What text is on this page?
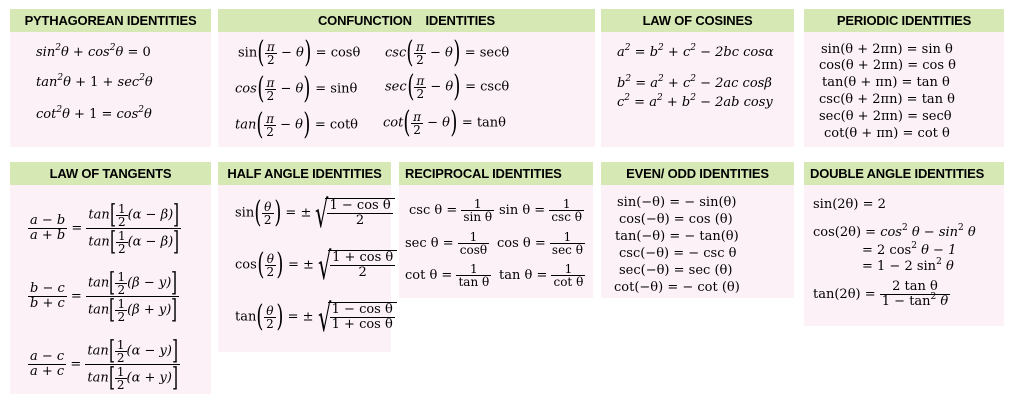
PYTHAGOREAN IDENTITIES
$\sin^2\theta + \cos^2\theta = 0$
$\tan^2\theta + 1 + \sec^2\theta$
$\cot^2\theta + 1 = \cos^2\theta$
CONFUNCTION    IDENTITIES
$\sin( \frac{\pi}{2} - \theta) = \cos\theta$
$\cos( \frac{\pi}{2} - \theta) = \sin\theta$
$\tan( \frac{\pi}{2} - \theta) = \cot\theta$
$\csc( \frac{\pi}{2} - \theta) = \sec\theta$
$\sec( \frac{\pi}{2} - \theta) = \csc\theta$
$\cot( \frac{\pi}{2} - \theta) = \tan\theta$
LAW OF COSINES
$a^2 = b^2 + c^2 - 2bc$ cosα
$b^2 = a^2 + c^2 - 2ac$ cosβ
$c^2 = a^2 + b^2 - 2ab$ cosy
PERIODIC IDENTITIES
sin(θ + 2πn) = sin θ
cos(θ + 2πn) = cos θ
tan(θ + πn) = tan θ
csc(θ + 2πn) = tan θ
sec(θ + 2πn) = secθ
cot(θ + πn) = cot θ
LAW OF TANGENTS
$\frac{a - b}{a + b} = \frac{\tan[ \frac{1}{2} (\alpha - \beta)]}{\tan[ \frac{1}{2} (\alpha - \beta)]}$
$\frac{b - c}{b + c} = \frac{\tan[ \frac{1}{2} (\beta - y)]}{\tan[ \frac{1}{2} (\beta + y)]}$
$\frac{a - c}{a + c} = \frac{\tan[ \frac{1}{2} (\alpha - y)]}{\tan[ \frac{1}{2} (\alpha + y)]}$
HALF ANGLE IDENTITIES
$\sin( \frac{\theta}{2}$ ) = ± √
$\frac{\text{1 − cos θ}}{2}$
$\cos( \frac{\theta}{2}$ ) = ± √
$\frac{\text{1 + cos θ}}{2}$
$\tan( \frac{\theta}{2}$ ) = ± √
$\frac{\text{1 − cos θ}}{\text{1 + cos θ}}$
RECIPROCAL IDENTITIES
$\csc \theta = \frac{1}{\text{sin θ}}$ $\sin \theta = \frac{1}{\text{csc θ}}$
$\sec \theta = \frac{1}{\cos\theta}$ $\cos \theta = \frac{1}{\text{sec θ}}$
$\cot \theta = \frac{1}{\text{tan θ}}$ $\tan \theta = \frac{1}{\text{cot θ}}$
EVEN/ ODD IDENTITIES
sin(−θ) = − sin(θ)
cos(−θ) = cos (θ)
tan(−θ) = − tan(θ)
csc(−θ) = − csc θ
sec(−θ) = sec (θ)
cot(−θ) = − cot (θ)
DOUBLE ANGLE IDENTITIES
sin(2θ) = 2
$\cos(2\theta) = \cos^2 \theta - \sin^2 \theta$
= 2 $\cos^2 \theta - 1$
= 1 − 2 $\sin^2 \theta$
$\tan(2\theta) = \frac{\text{2 tan θ}}{1 - \tan^2 \theta}$
